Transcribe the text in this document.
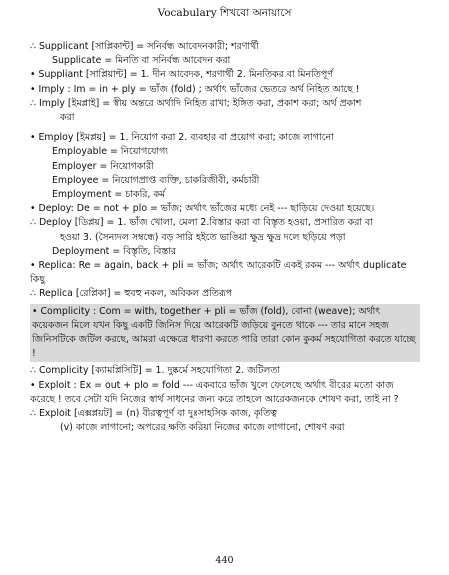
Vocabulary শিখবো অনায়াসে
∴ Supplicant [সাপ্লিকান্ট] = সনির্বন্ধ আবেদনকারী; শরণার্থী
Supplicate = মিনতি বা সনির্বন্ধ আবেদন করা
• Suppliant [সাপ্লিয়ান্ট] = 1. দীন আবেদক, শরণার্থী 2. মিনতিকর বা মিনতিপূর্ণ
• Imply : Im = in + ply = ভাঁজ (fold) ; অর্থাৎ ভাঁজের ভেতরে অর্থ নিহিত আছে !
∴ Imply [ইমপ্লাই] = স্বীয় অন্তরে অর্থাদি নিহিত রাখা; ইঙ্গিত করা, প্রকাশ করা; অর্থ প্রকাশ
করা
• Employ [ইমপ্লয়] = 1. নিয়োগ করা 2. ব্যবহার বা প্রয়োগ করা; কাজে লাগানো
Employable = নিয়োগযোগ্য
Employer = নিয়োগকারী
Employee = নিয়োগপ্রাপ্ত ব্যক্তি, চাকরিজীবী, কর্মচারী
Employment = চাকরি, কর্ম
• Deploy: De = not + plo = ভাঁজ; অর্থাৎ ভাঁজের মধ্যে নেই --- ছাড়িয়ে দেওয়া হয়েছে।
∴ Deploy [ডিপ্লয়] = 1. ভাঁজ খোলা, মেলা 2.বিস্তার করা বা বিস্তৃত হওয়া, প্রসারিত করা বা
হওয়া 3. (সৈন্যদল সম্বন্ধে) বড় সারি হইতে ভাঙিয়া ক্ষুদ্র ক্ষুদ্র দলে ছড়িয়ে পড়া
Deployment = বিস্তৃতি, বিস্তার
• Replica: Re = again, back + pli = ভাঁজ; অর্থাৎ আরেকটি একই রকম --- অর্থাৎ duplicate কিছু
∴ Replica [রেপ্লিকা] = হুবহু নকল, অবিকল প্রতিরূপ
• Complicity : Com = with, together + pli = ভাঁজ (fold), বোনা (weave); অর্থাৎ কয়েকজন মিলে যখন কিছু একটি জিনিস দিয়ে আরেকটি জড়িয়ে বুনতে থাকে --- তার মানে সহজ জিনিসটিকে জটিল করছে, আমরা এক্ষেত্রে ধারণা করতে পারি তারা কোন কুকর্ম সহযোগিতা করতে যাচ্ছে !
∴ Complicity [ক্যামপ্লিসিটি] = 1. দুষ্কর্মে সহযোগিতা 2. জটিলতা
• Exploit : Ex = out + plo = fold --- একবারে ভাঁজ খুলে ফেলেছে অর্থাৎ বীরের মতো কাজ করেছে ! তবে সেটা যদি নিজের স্বার্থ সাধনের জন্য করে তাহলে আরেকজনকে শোষণ করা, তাই না ?
∴ Exploit [এক্সপ্লয়ট] = (n) বীরত্বপূর্ণ বা দুঃসাহসিক কাজ, কৃতিত্ব
(v) কাজে লাগানো; অপরের ক্ষতি করিয়া নিজের কাজে লাগানো, শোষণ করা
440
